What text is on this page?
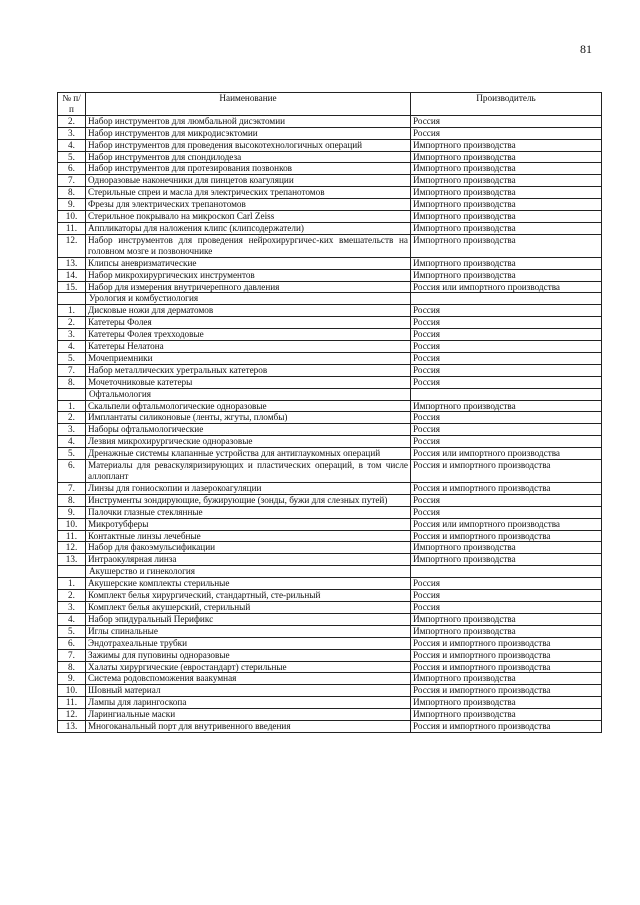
81
№ п/п	Наименование	Производитель
2.	Набор инструментов для люмбальной дисэктомии	Россия
3.	Набор инструментов для микродисэктомии	Россия
4.	Набор инструментов для проведения высокотехнологичных операций	Импортного производства
5.	Набор инструментов для спондилодеза	Импортного производства
6.	Набор инструментов для протезирования позвонков	Импортного производства
7.	Одноразовые наконечники для пинцетов коагуляции	Импортного производства
8.	Стерильные спреи и масла для электрических трепанотомов	Импортного производства
9.	Фрезы для электрических трепанотомов	Импортного производства
10.	Стерильное покрывало на микроскоп Carl Zeiss	Импортного производства
11.	Аппликаторы для наложения клипс (клипсодержатели)	Импортного производства
12.	Набор инструментов для проведения нейрохирургичес-ких вмешательств на головном мозге и позвоночнике	Импортного производства
13.	Клипсы аневризматические	Импортного производства
14.	Набор микрохирургических инструментов	Импортного производства
15.	Набор для измерения внутричерепного давления	Россия или импортного производства
	Урология и комбустиология	
1.	Дисковые ножи для дерматомов	Россия
2.	Катетеры Фолея	Россия
3.	Катетеры Фолея трехходовые	Россия
4.	Катетеры Нелатона	Россия
5.	Мочеприемники	Россия
7.	Набор металлических уретральных катетеров	Россия
8.	Мочеточниковые катетеры	Россия
	Офтальмология	
1.	Скальпели офтальмологические одноразовые	Импортного производства
2.	Имплантаты силиконовые (ленты, жгуты, пломбы)	Россия
3.	Наборы офтальмологические	Россия
4.	Лезвия микрохирургические одноразовые	Россия
5.	Дренажные системы клапанные устройства для антиглаукомных операций	Россия или импортного производства
6.	Материалы для реваскуляризирующих и пластических операций, в том числе аллоплант	Россия и импортного производства
7.	Линзы для гониоскопии и лазерокоагуляции	Россия и импортного производства
8.	Инструменты зондирующие, бужирующие (зонды, бужи для слезных путей)	Россия
9.	Палочки глазные стеклянные	Россия
10.	Микротубферы	Россия или импортного производства
11.	Контактные линзы лечебные	Россия и импортного производства
12.	Набор для факоэмульсификации	Импортного производства
13.	Интраокулярная линза	Импортного производства
	Акушерство и гинекология	
1.	Акушерские комплекты стерильные	Россия
2.	Комплект белья хирургический, стандартный, сте-рильный	Россия
3.	Комплект белья акушерский, стерильный	Россия
4.	Набор эпидуральный Перификс	Импортного производства
5.	Иглы спинальные	Импортного производства
6.	Эндотрахеальные трубки	Россия и импортного производства
7.	Зажимы для пуповины одноразовые	Россия и импортного производства
8.	Халаты хирургические (евростандарт) стерильные	Россия и импортного производства
9.	Система родовспоможения вaакумная	Импортного производства
10.	Шовный материал	Россия и импортного производства
11.	Лампы для ларингоскопа	Импортного производства
12.	Ларингиальные маски	Импортного производства
13.	Многоканальный порт для внутривенного введения	Россия и импортного производства
